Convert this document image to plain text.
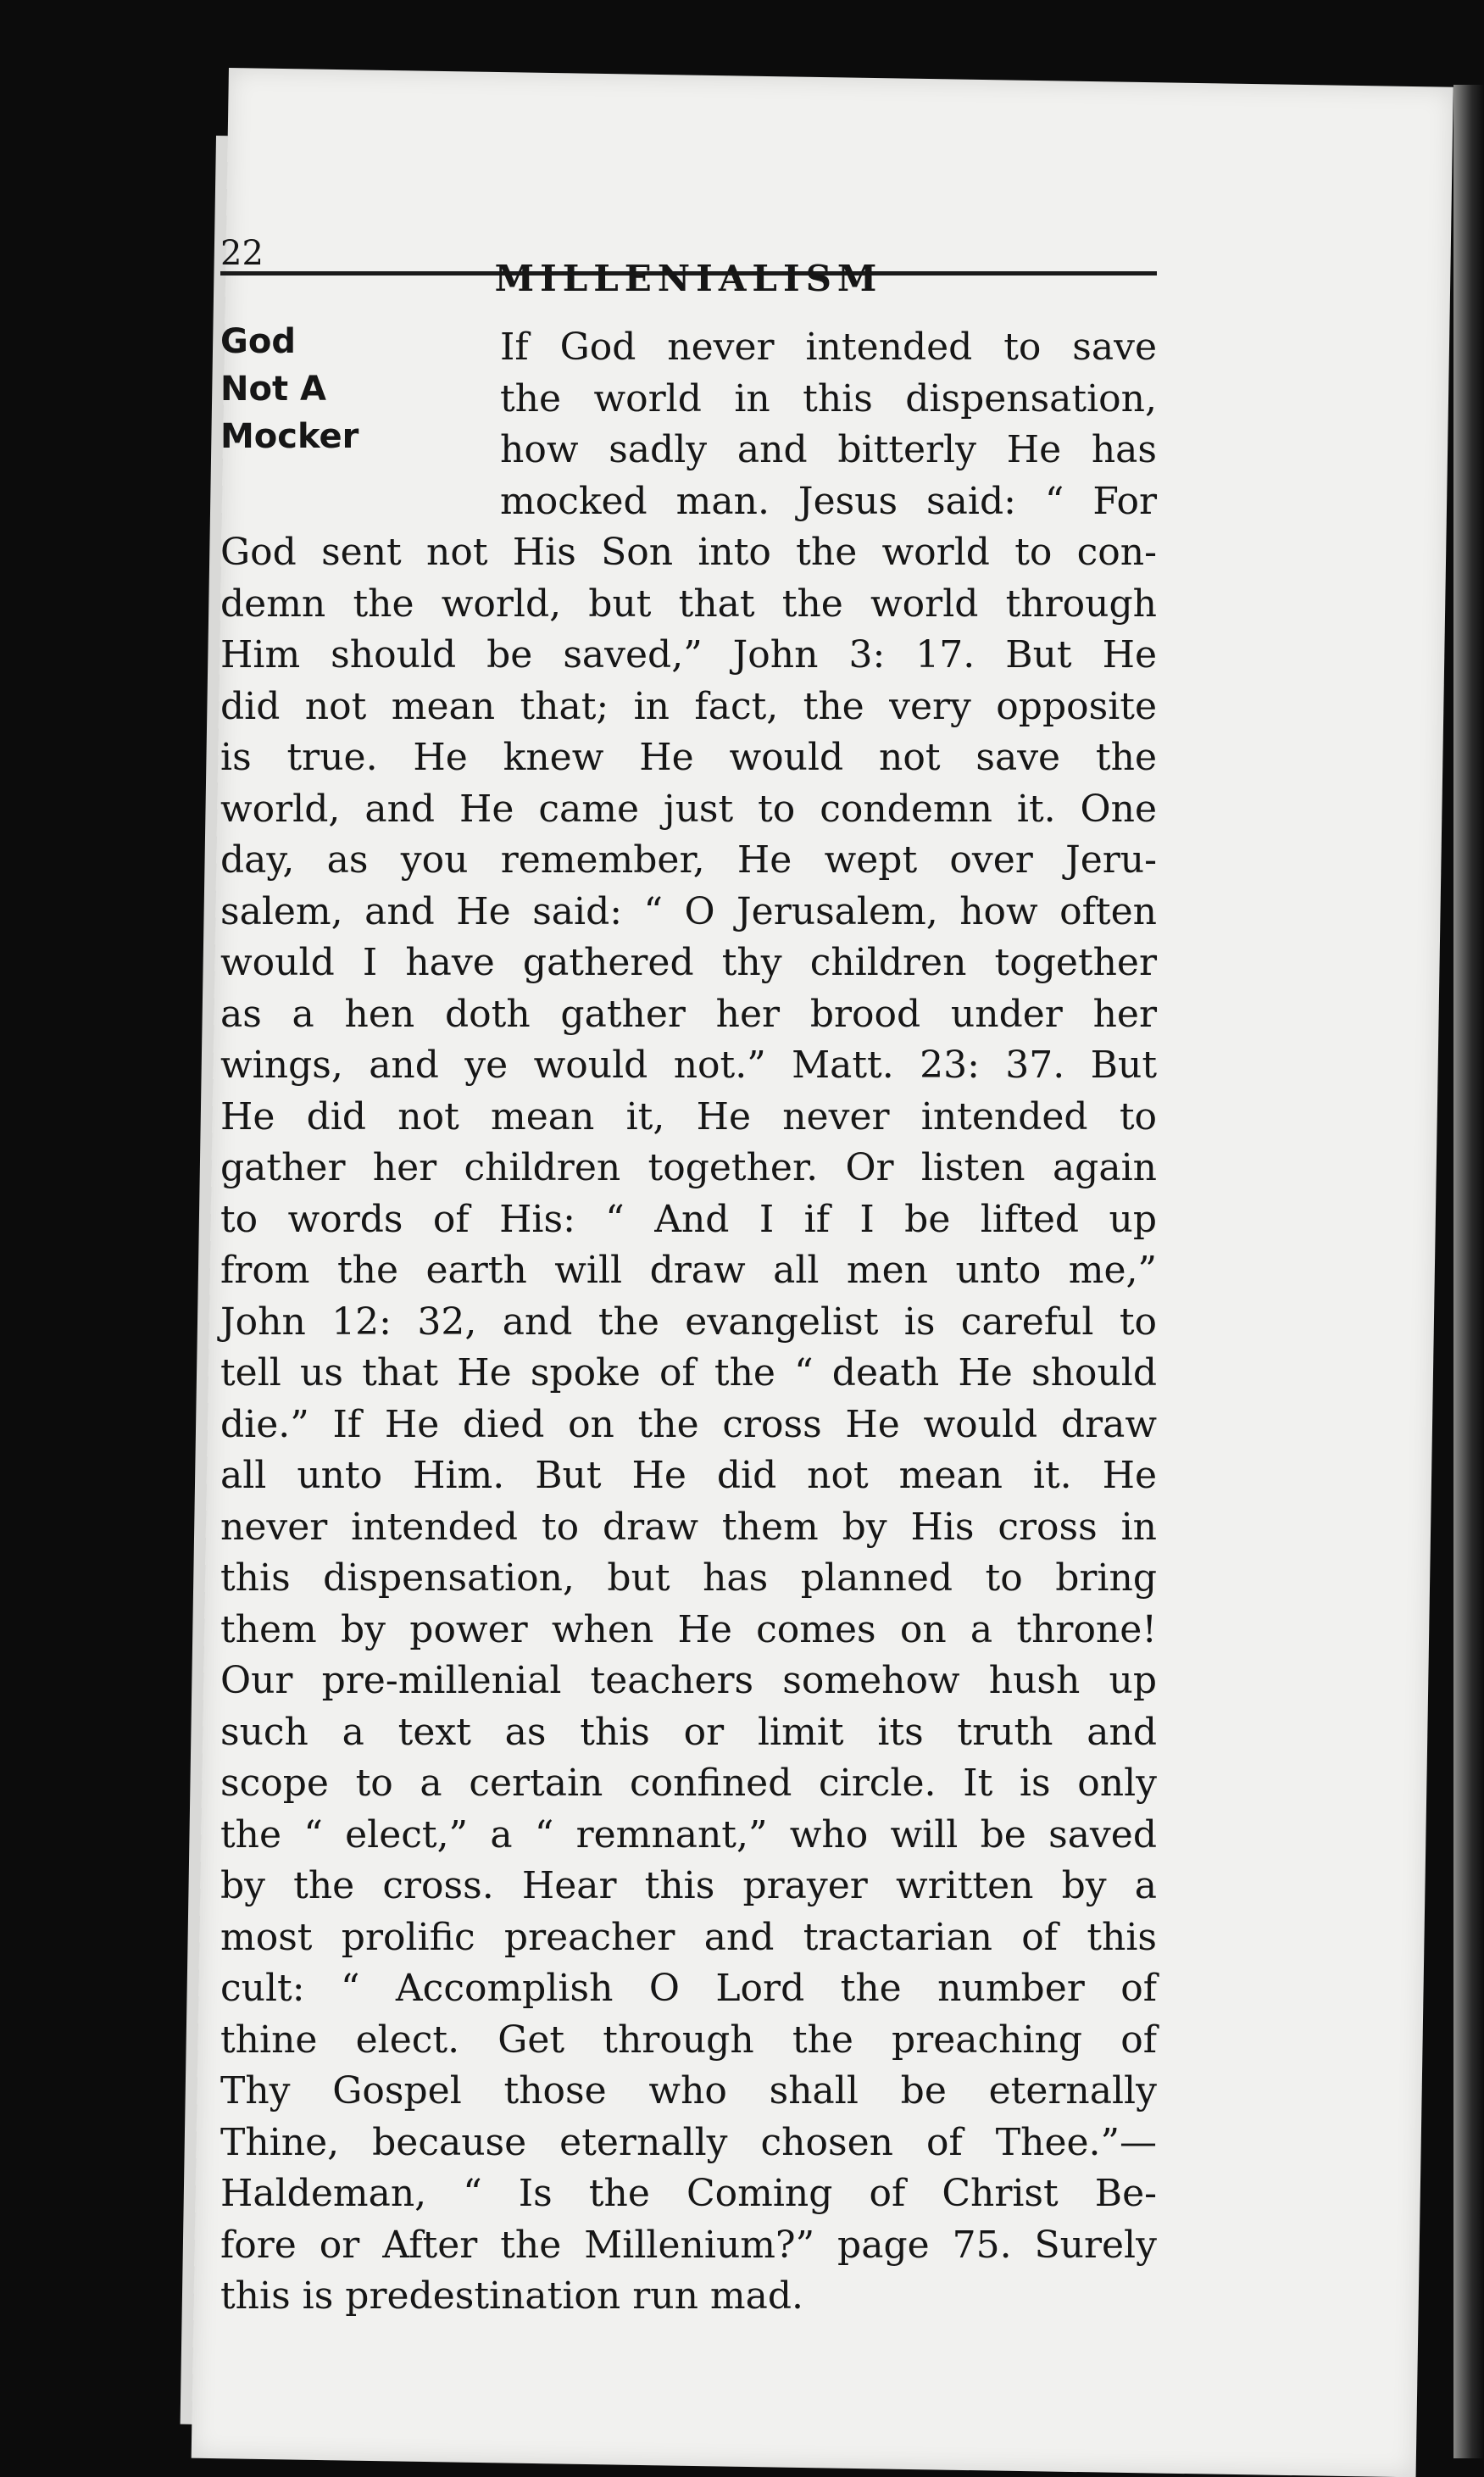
22
MILLENIALISM
God
Not A
Mocker
If God never intended to save
the world in this dispensation,
how sadly and bitterly He has
mocked man. Jesus said: “ For
God sent not His Son into the world to con-
demn the world, but that the world through
Him should be saved,” John 3: 17. But He
did not mean that; in fact, the very opposite
is true. He knew He would not save the
world, and He came just to condemn it. One
day, as you remember, He wept over Jeru-
salem, and He said: “ O Jerusalem, how often
would I have gathered thy children together
as a hen doth gather her brood under her
wings, and ye would not.” Matt. 23: 37. But
He did not mean it, He never intended to
gather her children together. Or listen again
to words of His: “ And I if I be lifted up
from the earth will draw all men unto me,”
John 12: 32, and the evangelist is careful to
tell us that He spoke of the “ death He should
die.” If He died on the cross He would draw
all unto Him. But He did not mean it. He
never intended to draw them by His cross in
this dispensation, but has planned to bring
them by power when He comes on a throne!
Our pre-millenial teachers somehow hush up
such a text as this or limit its truth and
scope to a certain confined circle. It is only
the “ elect,” a “ remnant,” who will be saved
by the cross. Hear this prayer written by a
most prolific preacher and tractarian of this
cult: “ Accomplish O Lord the number of
thine elect. Get through the preaching of
Thy Gospel those who shall be eternally
Thine, because eternally chosen of Thee.”—
Haldeman, “ Is the Coming of Christ Be-
fore or After the Millenium?” page 75. Surely
this is predestination run mad.
